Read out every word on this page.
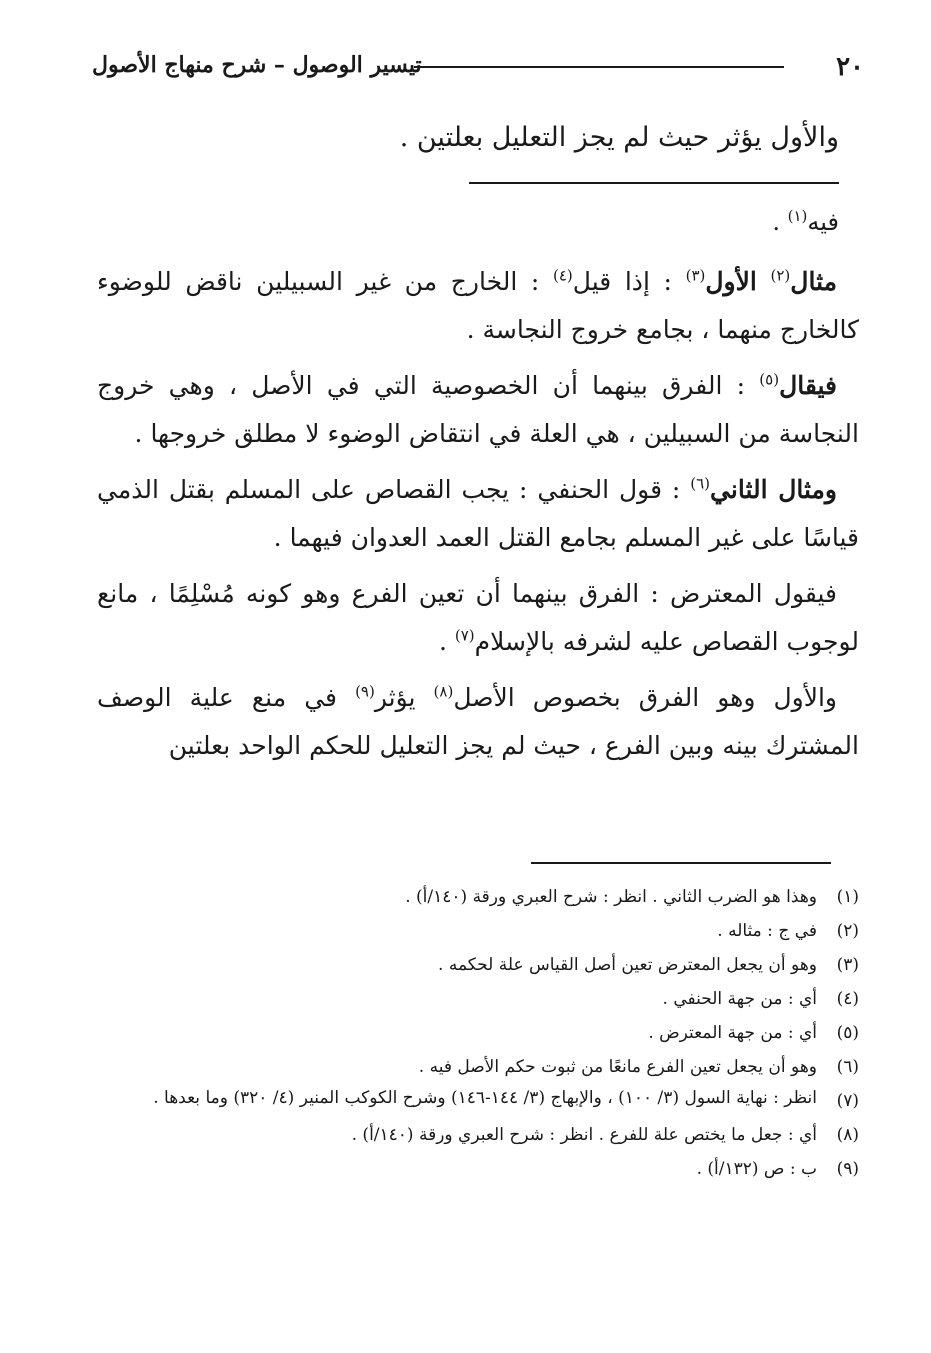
٢٠
تيسير الوصول – شرح منهاج الأصول
والأول يؤثر حيث لم يجز التعليل بعلتين .
فيه$^{(١)}$ .

مثال$^{(٢)}$ الأول$^{(٣)}$ : إذا قيل$^{(٤)}$ : الخارج من غير السبيلين ناقض للوضوء كالخارج منهما ، بجامع خروج النجاسة .

فيقال$^{(٥)}$ : الفرق بينهما أن الخصوصية التي في الأصل ، وهي خروج النجاسة من السبيلين ، هي العلة في انتقاض الوضوء لا مطلق خروجها .

ومثال الثاني$^{(٦)}$ : قول الحنفي : يجب القصاص على المسلم بقتل الذمي قياسًا على غير المسلم بجامع القتل العمد العدوان فيهما .

فيقول المعترض : الفرق بينهما أن تعين الفرع وهو كونه مُسْلِمًا ، مانع لوجوب القصاص عليه لشرفه بالإسلام$^{(٧)}$ .

والأول وهو الفرق بخصوص الأصل$^{(٨)}$ يؤثر$^{(٩)}$ في منع علية الوصف المشترك بينه وبين الفرع ، حيث لم يجز التعليل للحكم الواحد بعلتين

(١)
وهذا هو الضرب الثاني . انظر : شرح العبري ورقة (١٤٠/أ) .
(٢)
في ج : مثاله .
(٣)
وهو أن يجعل المعترض تعين أصل القياس علة لحكمه .
(٤)
أي : من جهة الحنفي .
(٥)
أي : من جهة المعترض .
(٦)
وهو أن يجعل تعين الفرع مانعًا من ثبوت حكم الأصل فيه .
(٧)
انظر : نهاية السول (٣/ ١٠٠) ، والإبهاج (٣/ ١٤٤-١٤٦) وشرح الكوكب المنير (٤/ ٣٢٠) وما بعدها .
(٨)
أي : جعل ما يختص علة للفرع . انظر : شرح العبري ورقة (١٤٠/أ) .
(٩)
ب : ص (١٣٢/أ) .
